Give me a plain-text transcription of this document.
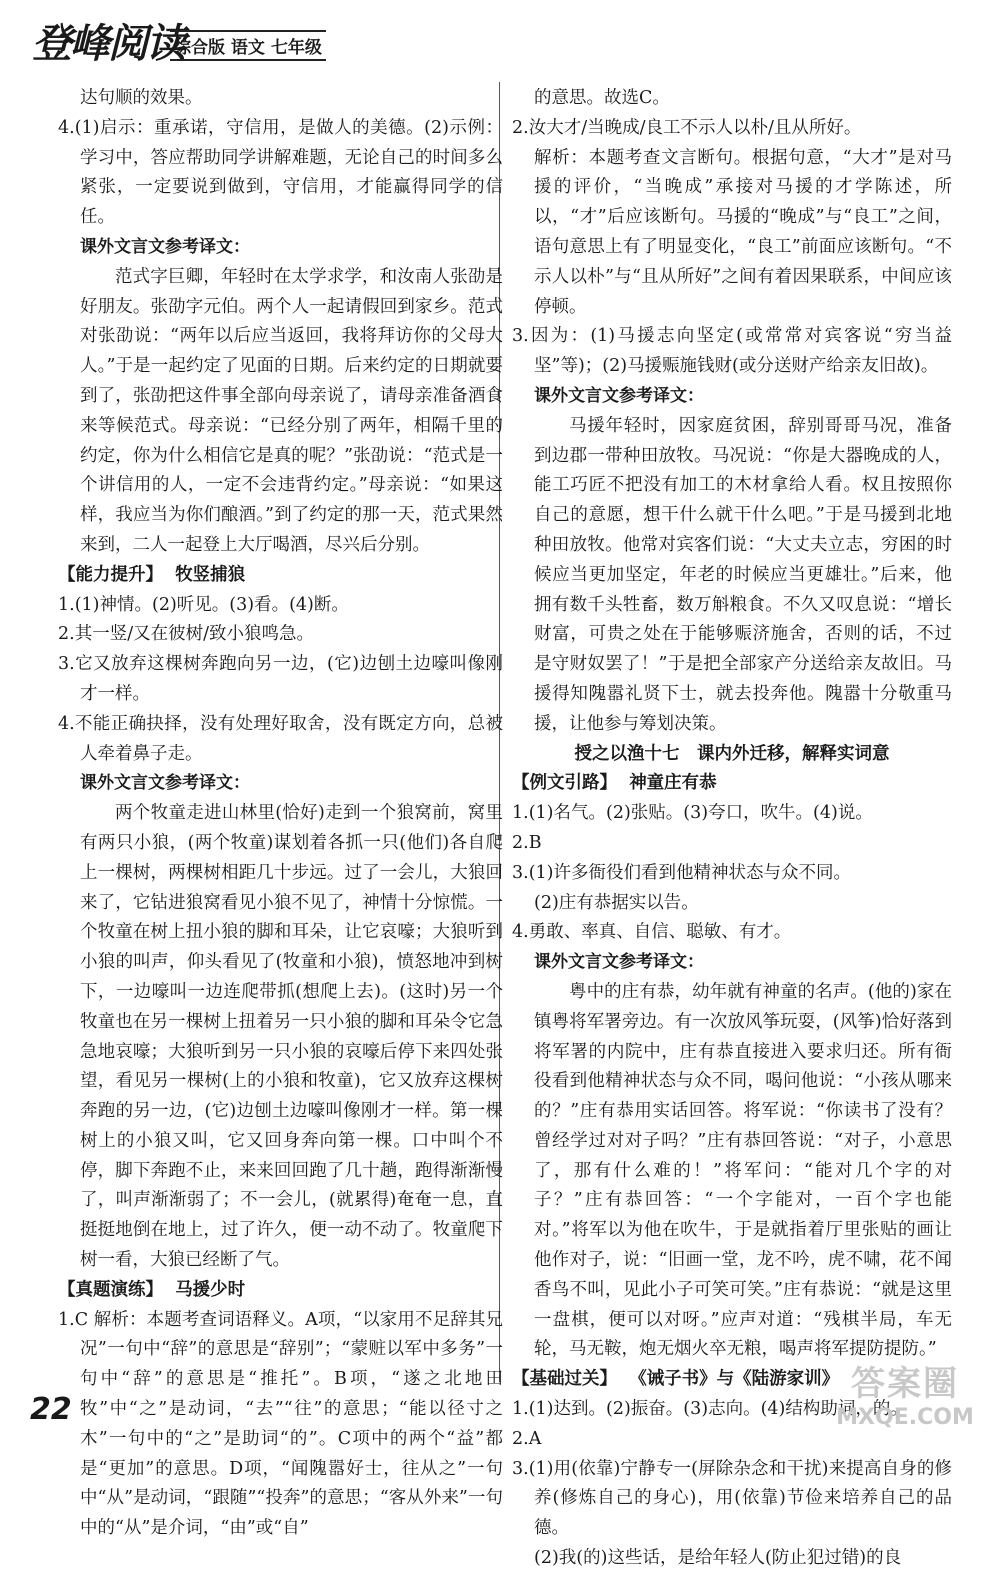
登峰阅读
综合版 语文 七年级

达句顺的效果。

4.(1)启示：重承诺，守信用，是做人的美德。(2)示例：学习中，答应帮助同学讲解难题，无论自己的时间多么紧张，一定要说到做到，守信用，才能赢得同学的信任。

课外文言文参考译文：

范式字巨卿，年轻时在太学求学，和汝南人张劭是好朋友。张劭字元伯。两个人一起请假回到家乡。范式对张劭说：“两年以后应当返回，我将拜访你的父母大人。”于是一起约定了见面的日期。后来约定的日期就要到了，张劭把这件事全部向母亲说了，请母亲准备酒食来等候范式。母亲说：“已经分别了两年，相隔千里的约定，你为什么相信它是真的呢？”张劭说：“范式是一个讲信用的人，一定不会违背约定。”母亲说：“如果这样，我应当为你们酿酒。”到了约定的那一天，范式果然来到，二人一起登上大厅喝酒，尽兴后分别。

【能力提升】 牧竖捕狼

1.(1)神情。(2)听见。(3)看。(4)断。

2.其一竖/又在彼树/致小狼鸣急。

3.它又放弃这棵树奔跑向另一边，(它)边刨土边嚎叫像刚才一样。

4.不能正确抉择，没有处理好取舍，没有既定方向，总被人牵着鼻子走。

课外文言文参考译文：

两个牧童走进山林里(恰好)走到一个狼窝前，窝里有两只小狼，(两个牧童)谋划着各抓一只(他们)各自爬上一棵树，两棵树相距几十步远。过了一会儿，大狼回来了，它钻进狼窝看见小狼不见了，神情十分惊慌。一个牧童在树上扭小狼的脚和耳朵，让它哀嚎；大狼听到小狼的叫声，仰头看见了(牧童和小狼)，愤怒地冲到树下，一边嚎叫一边连爬带抓(想爬上去)。(这时)另一个牧童也在另一棵树上扭着另一只小狼的脚和耳朵令它急急地哀嚎；大狼听到另一只小狼的哀嚎后停下来四处张望，看见另一棵树(上的小狼和牧童)，它又放弃这棵树奔跑的另一边，(它)边刨土边嚎叫像刚才一样。第一棵树上的小狼又叫，它又回身奔向第一棵。口中叫个不停，脚下奔跑不止，来来回回跑了几十趟，跑得渐渐慢了，叫声渐渐弱了；不一会儿，(就累得)奄奄一息，直挺挺地倒在地上，过了许久，便一动不动了。牧童爬下树一看，大狼已经断了气。

【真题演练】 马援少时

1.C 解析：本题考查词语释义。A项，“以家用不足辞其兄况”一句中“辞”的意思是“辞别”；“蒙赃以军中多务”一句中“辞”的意思是“推托”。B项，“遂之北地田牧”中“之”是动词，“去”“往”的意思；“能以径寸之木”一句中的“之”是助词“的”。C项中的两个“益”都是“更加”的意思。D项，“闻隗嚣好士，往从之”一句中“从”是动词，“跟随”“投奔”的意思；“客从外来”一句中的“从”是介词，“由”或“自”

的意思。故选C。

2.汝大才/当晚成/良工不示人以朴/且从所好。

解析：本题考查文言断句。根据句意，“大才”是对马援的评价，“当晚成”承接对马援的才学陈述，所以，“才”后应该断句。马援的“晚成”与“良工”之间，语句意思上有了明显变化，“良工”前面应该断句。“不示人以朴”与“且从所好”之间有着因果联系，中间应该停顿。

3.因为：(1)马援志向坚定(或常常对宾客说“穷当益坚”等)；(2)马援赈施钱财(或分送财产给亲友旧故)。

课外文言文参考译文：

马援年轻时，因家庭贫困，辞别哥哥马况，准备到边郡一带种田放牧。马况说：“你是大器晚成的人，能工巧匠不把没有加工的木材拿给人看。权且按照你自己的意愿，想干什么就干什么吧。”于是马援到北地种田放牧。他常对宾客们说：“大丈夫立志，穷困的时候应当更加坚定，年老的时候应当更雄壮。”后来，他拥有数千头牲畜，数万斛粮食。不久又叹息说：“增长财富，可贵之处在于能够赈济施舍，否则的话，不过是守财奴罢了！”于是把全部家产分送给亲友故旧。马援得知隗嚣礼贤下士，就去投奔他。隗嚣十分敬重马援，让他参与筹划决策。

授之以渔十七　课内外迁移，解释实词意

【例文引路】 神童庄有恭

1.(1)名气。(2)张贴。(3)夸口，吹牛。(4)说。

2.B

3.(1)许多衙役们看到他精神状态与众不同。

(2)庄有恭据实以告。

4.勇敢、率真、自信、聪敏、有才。

课外文言文参考译文：

粤中的庄有恭，幼年就有神童的名声。(他的)家在镇粤将军署旁边。有一次放风筝玩耍，(风筝)恰好落到将军署的内院中，庄有恭直接进入要求归还。所有衙役看到他精神状态与众不同，喝问他说：“小孩从哪来的？”庄有恭用实话回答。将军说：“你读书了没有？曾经学过对对子吗？”庄有恭回答说：“对子，小意思了，那有什么难的！”将军问：“能对几个字的对子？”庄有恭回答：“一个字能对，一百个字也能对。”将军以为他在吹牛，于是就指着厅里张贴的画让他作对子，说：“旧画一堂，龙不吟，虎不啸，花不闻香鸟不叫，见此小子可笑可笑。”庄有恭说：“就是这里一盘棋，便可以对呀。”应声对道：“残棋半局，车无轮，马无鞍，炮无烟火卒无粮，喝声将军提防提防。”

【基础过关】 《诫子书》与《陆游家训》

1.(1)达到。(2)振奋。(3)志向。(4)结构助词，的。

2.A

3.(1)用(依靠)宁静专一(屏除杂念和干扰)来提高自身的修养(修炼自己的身心)，用(依靠)节俭来培养自己的品德。

(2)我(的)这些话，是给年轻人(防止犯过错)的良

22
答案圈
MXQE.COM
